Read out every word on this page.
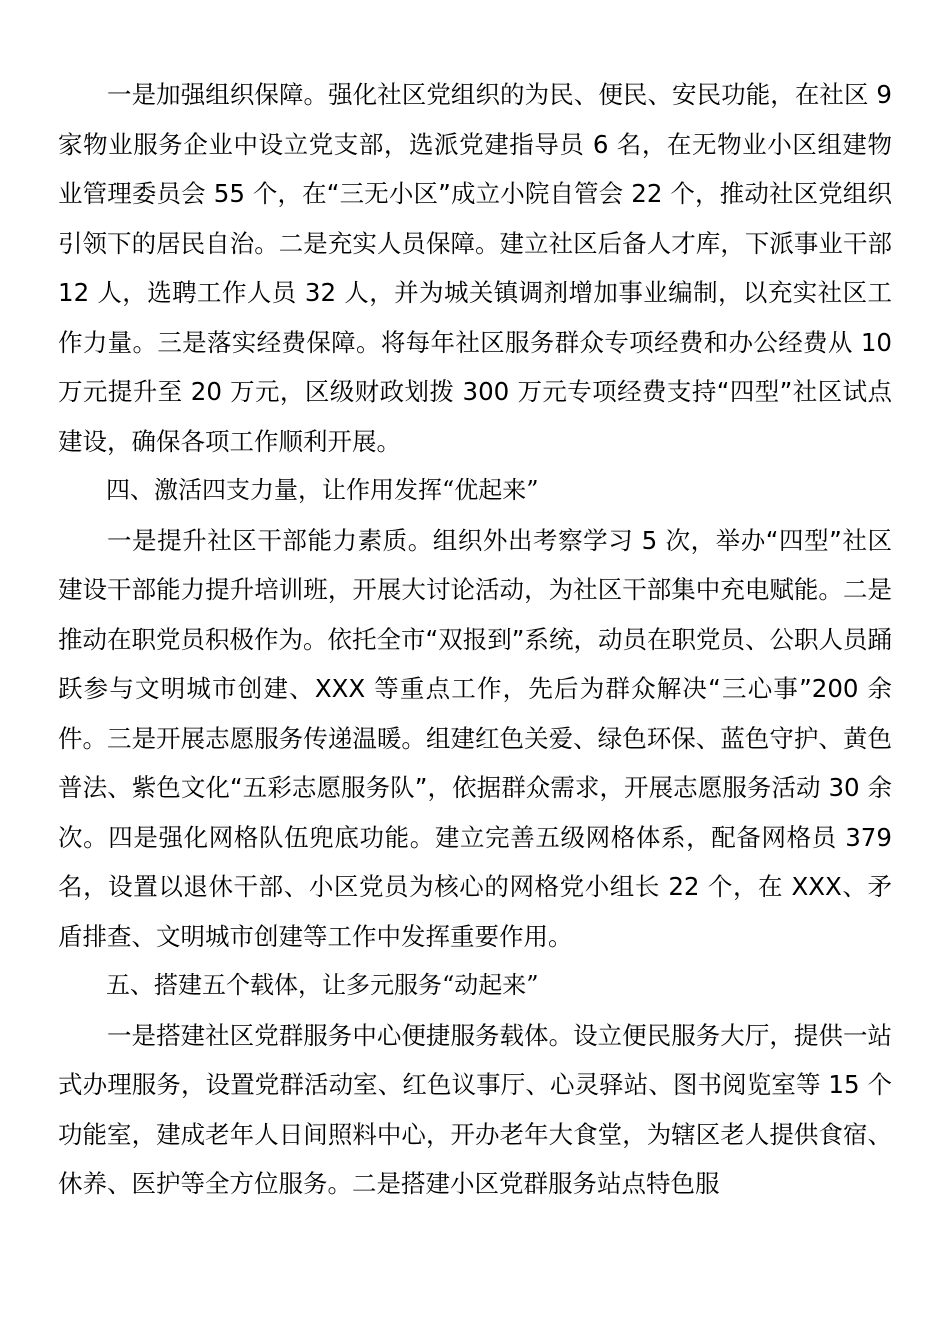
一是加强组织保障。强化社区党组织的为民、便民、安民功能，在社区 9 家物业服务企业中设立党支部，选派党建指导员 6 名，在无物业小区组建物业管理委员会 55 个，在“三无小区”成立小院自管会 22 个，推动社区党组织引领下的居民自治。二是充实人员保障。建立社区后备人才库，下派事业干部 12 人，选聘工作人员 32 人，并为城关镇调剂增加事业编制，以充实社区工作力量。三是落实经费保障。将每年社区服务群众专项经费和办公经费从 10 万元提升至 20 万元，区级财政划拨 300 万元专项经费支持“四型”社区试点建设，确保各项工作顺利开展。

四、激活四支力量，让作用发挥“优起来”

一是提升社区干部能力素质。组织外出考察学习 5 次，举办“四型”社区建设干部能力提升培训班，开展大讨论活动，为社区干部集中充电赋能。二是推动在职党员积极作为。依托全市“双报到”系统，动员在职党员、公职人员踊跃参与文明城市创建、XXX 等重点工作，先后为群众解决“三心事”200 余件。三是开展志愿服务传递温暖。组建红色关爱、绿色环保、蓝色守护、黄色普法、紫色文化“五彩志愿服务队”，依据群众需求，开展志愿服务活动 30 余次。四是强化网格队伍兜底功能。建立完善五级网格体系，配备网格员 379 名，设置以退休干部、小区党员为核心的网格党小组长 22 个，在 XXX、矛盾排查、文明城市创建等工作中发挥重要作用。

五、搭建五个载体，让多元服务“动起来”

一是搭建社区党群服务中心便捷服务载体。设立便民服务大厅，提供一站式办理服务，设置党群活动室、红色议事厅、心灵驿站、图书阅览室等 15 个功能室，建成老年人日间照料中心，开办老年大食堂，为辖区老人提供食宿、休养、医护等全方位服务。二是搭建小区党群服务站点特色服
